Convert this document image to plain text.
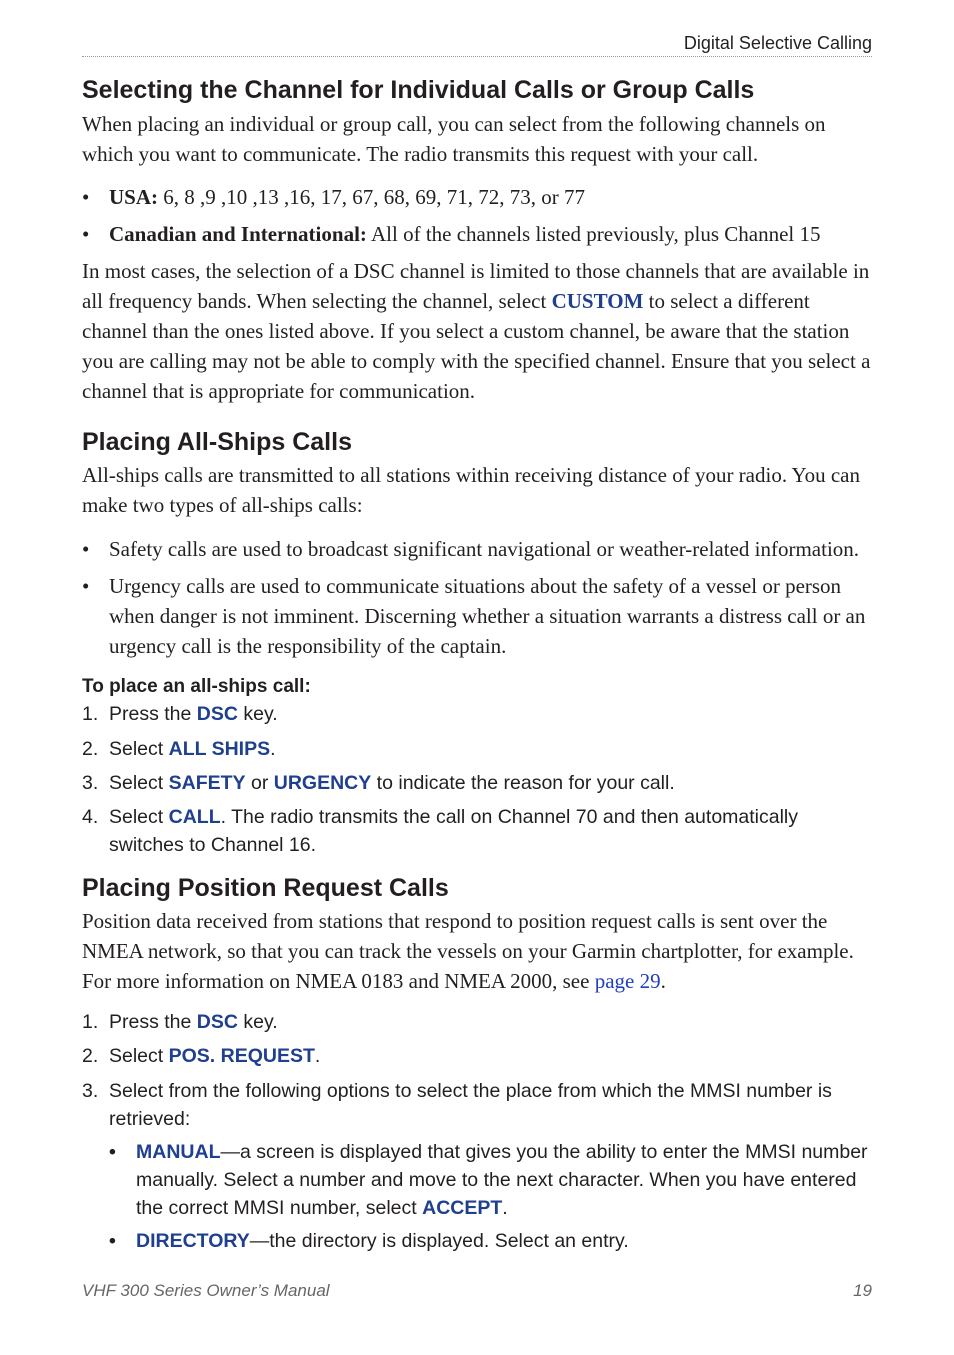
Digital Selective Calling
Selecting the Channel for Individual Calls or Group Calls

When placing an individual or group call, you can select from the following channels on which you want to communicate. The radio transmits this request with your call.

• USA: 6, 8 ,9 ,10 ,13 ,16, 17, 67, 68, 69, 71, 72, 73, or 77
• Canadian and International: All of the channels listed previously, plus Channel 15

In most cases, the selection of a DSC channel is limited to those channels that are available in all frequency bands. When selecting the channel, select CUSTOM to select a different channel than the ones listed above. If you select a custom channel, be aware that the station you are calling may not be able to comply with the specified channel. Ensure that you select a channel that is appropriate for communication.

Placing All-Ships Calls

All-ships calls are transmitted to all stations within receiving distance of your radio. You can make two types of all-ships calls:

• Safety calls are used to broadcast significant navigational or weather-related information.
• Urgency calls are used to communicate situations about the safety of a vessel or person when danger is not imminent. Discerning whether a situation warrants a distress call or an urgency call is the responsibility of the captain.
To place an all-ships call:
1. Press the DSC key.
2. Select ALL SHIPS.
3. Select SAFETY or URGENCY to indicate the reason for your call.
4. Select CALL. The radio transmits the call on Channel 70 and then automatically switches to Channel 16.
Placing Position Request Calls

Position data received from stations that respond to position request calls is sent over the NMEA network, so that you can track the vessels on your Garmin chartplotter, for example. For more information on NMEA 0183 and NMEA 2000, see page 29.

1. Press the DSC key.
2. Select POS. REQUEST.
3. Select from the following options to select the place from which the MMSI number is retrieved:
• MANUAL—a screen is displayed that gives you the ability to enter the MMSI number manually. Select a number and move to the next character. When you have entered the correct MMSI number, select ACCEPT.
• DIRECTORY—the directory is displayed. Select an entry.
VHF 300 Series Owner’s Manual	19
